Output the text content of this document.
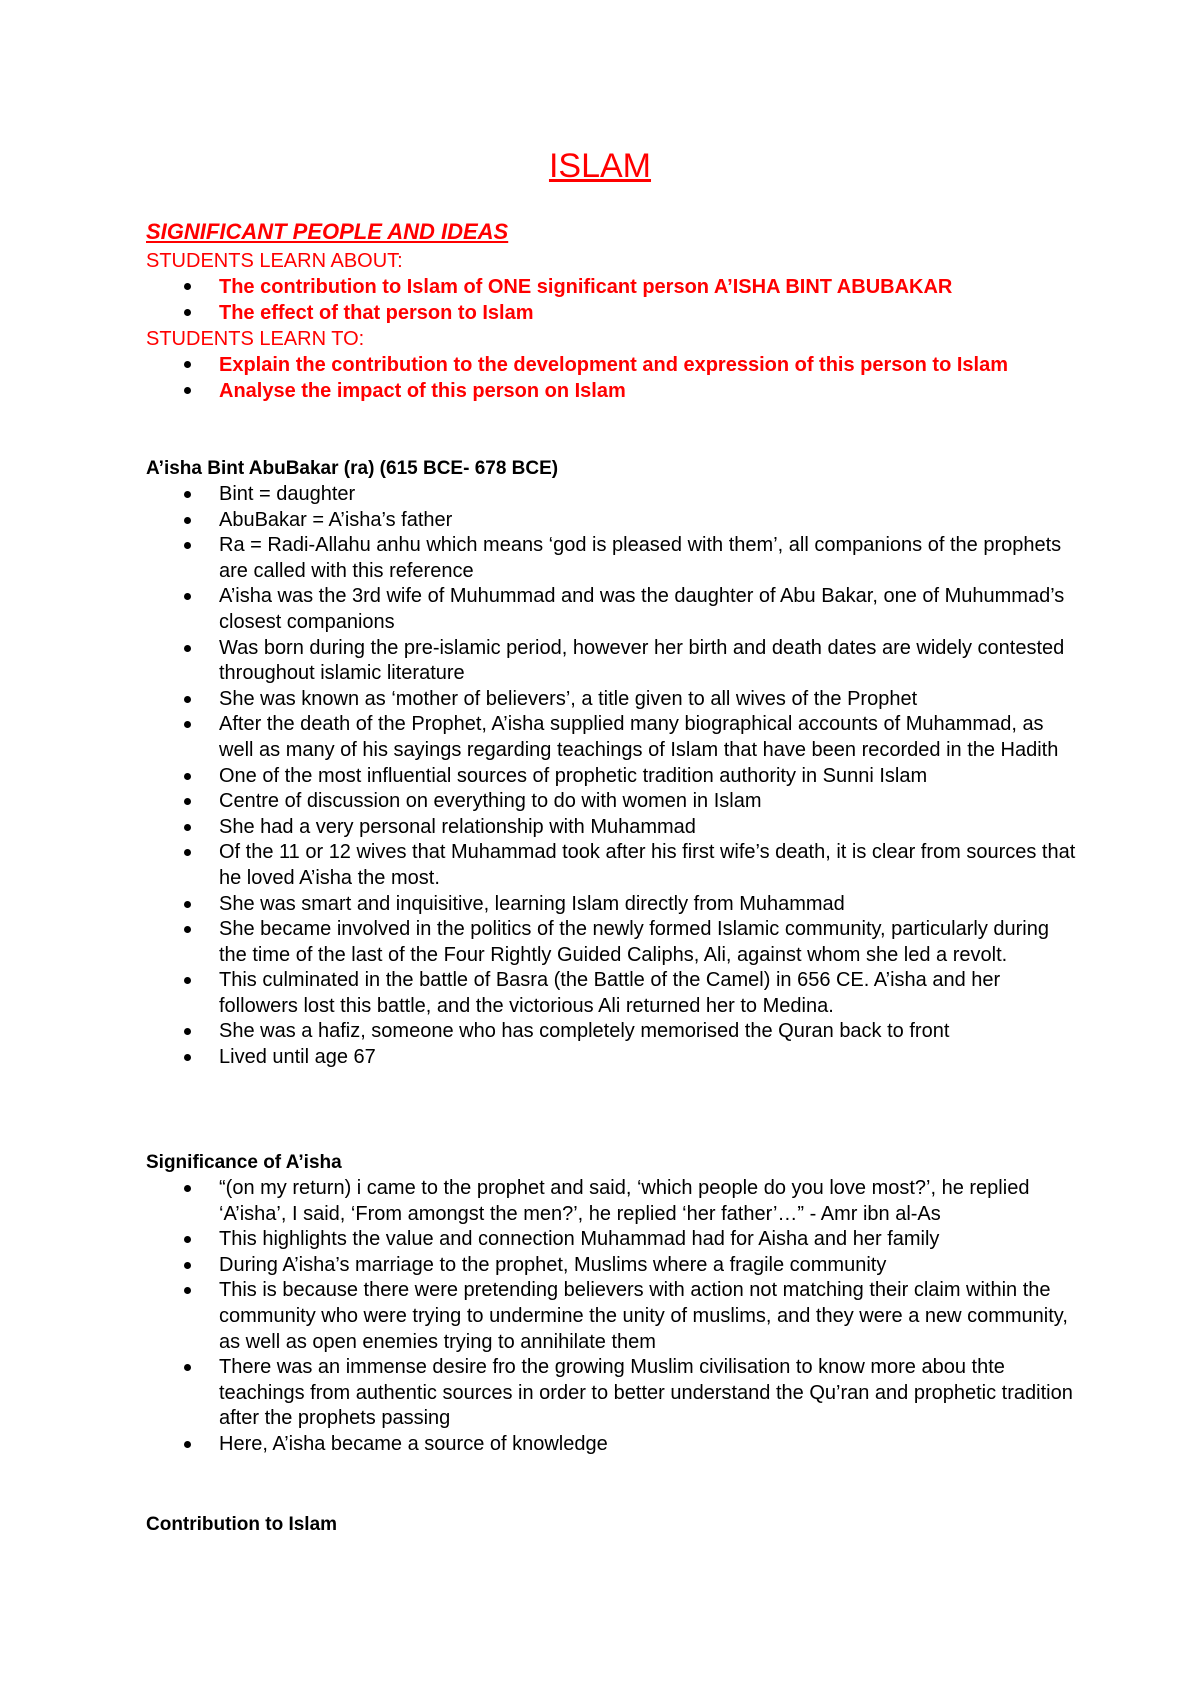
ISLAM

SIGNIFICANT PEOPLE AND IDEAS

STUDENTS LEARN ABOUT:

The contribution to Islam of ONE significant person A’ISHA BINT ABUBAKAR
The effect of that person to Islam

STUDENTS LEARN TO:

Explain the contribution to the development and expression of this person to Islam
Analyse the impact of this person on Islam

A’isha Bint AbuBakar (ra) (615 BCE- 678 BCE)

Bint = daughter
AbuBakar = A’isha’s father
Ra = Radi-Allahu anhu which means ‘god is pleased with them’, all companions of the prophets are called with this reference
A’isha was the 3rd wife of Muhummad and was the daughter of Abu Bakar, one of Muhummad’s closest companions
Was born during the pre-islamic period, however her birth and death dates are widely contested throughout islamic literature
She was known as ‘mother of believers’, a title given to all wives of the Prophet
After the death of the Prophet, A’isha supplied many biographical accounts of Muhammad, as well as many of his sayings regarding teachings of Islam that have been recorded in the Hadith
One of the most influential sources of prophetic tradition authority in Sunni Islam
Centre of discussion on everything to do with women in Islam
She had a very personal relationship with Muhammad
Of the 11 or 12 wives that Muhammad took after his first wife’s death, it is clear from sources that he loved A’isha the most.
She was smart and inquisitive, learning Islam directly from Muhammad
She became involved in the politics of the newly formed Islamic community, particularly during the time of the last of the Four Rightly Guided Caliphs, Ali, against whom she led a revolt.
This culminated in the battle of Basra (the Battle of the Camel) in 656 CE. A’isha and her followers lost this battle, and the victorious Ali returned her to Medina.
She was a hafiz, someone who has completely memorised the Quran back to front
Lived until age 67

Significance of A’isha

“(on my return) i came to the prophet and said, ‘which people do you love most?’, he replied ‘A’isha’, I said, ‘From amongst the men?’, he replied ‘her father’…” - Amr ibn al-As
This highlights the value and connection Muhammad had for Aisha and her family
During A’isha’s marriage to the prophet, Muslims where a fragile community
This is because there were pretending believers with action not matching their claim within the community who were trying to undermine the unity of muslims, and they were a new community, as well as open enemies trying to annihilate them
There was an immense desire fro the growing Muslim civilisation to know more abou thte teachings from authentic sources in order to better understand the Qu’ran and prophetic tradition after the prophets passing
Here, A’isha became a source of knowledge

Contribution to Islam
